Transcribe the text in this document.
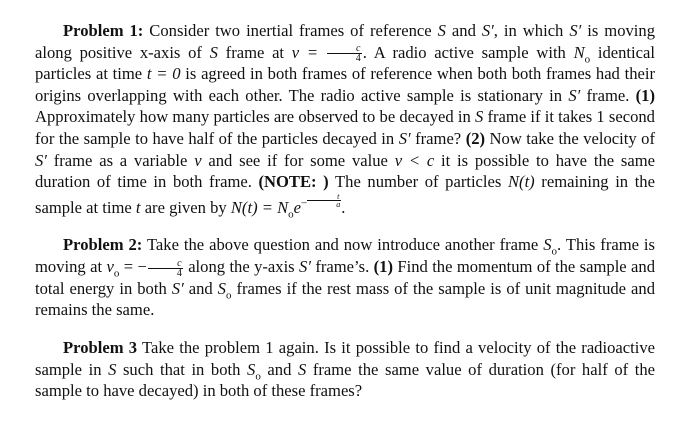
Problem 1: Consider two inertial frames of reference S and S′, in which S′ is moving along positive x-axis of S frame at $v = \frac{c}{4}$ . A radio active sample with $N_o$ identical particles at time t = 0 is agreed in both frames of reference when both both frames had their origins overlapping with each other. The radio active sample is stationary in S′ frame. (1) Approximately how many particles are observed to be decayed in S frame if it takes 1 second for the sample to have half of the particles decayed in S′ frame? (2) Now take the velocity of S′ frame as a variable v and see if for some value v < c it is possible to have the same duration of time in both frame. (NOTE: ) The number of particles N(t) remaining in the sample at time t are given by $N(t) = N_oe^- \frac{t}{a}$ .

Problem 2: Take the above question and now introduce another frame $S_o$. This frame is moving at $v_o$ = − $\frac{c}{4}$ along the y-axis S′ frame’s. (1) Find the momentum of the sample and total energy in both S′ and $S_o$ frames if the rest mass of the sample is of unit magnitude and remains the same.

Problem 3 Take the problem 1 again. Is it possible to find a velocity of the radioactive sample in S such that in both $S_o$ and S frame the same value of duration (for half of the sample to have decayed) in both of these frames?
